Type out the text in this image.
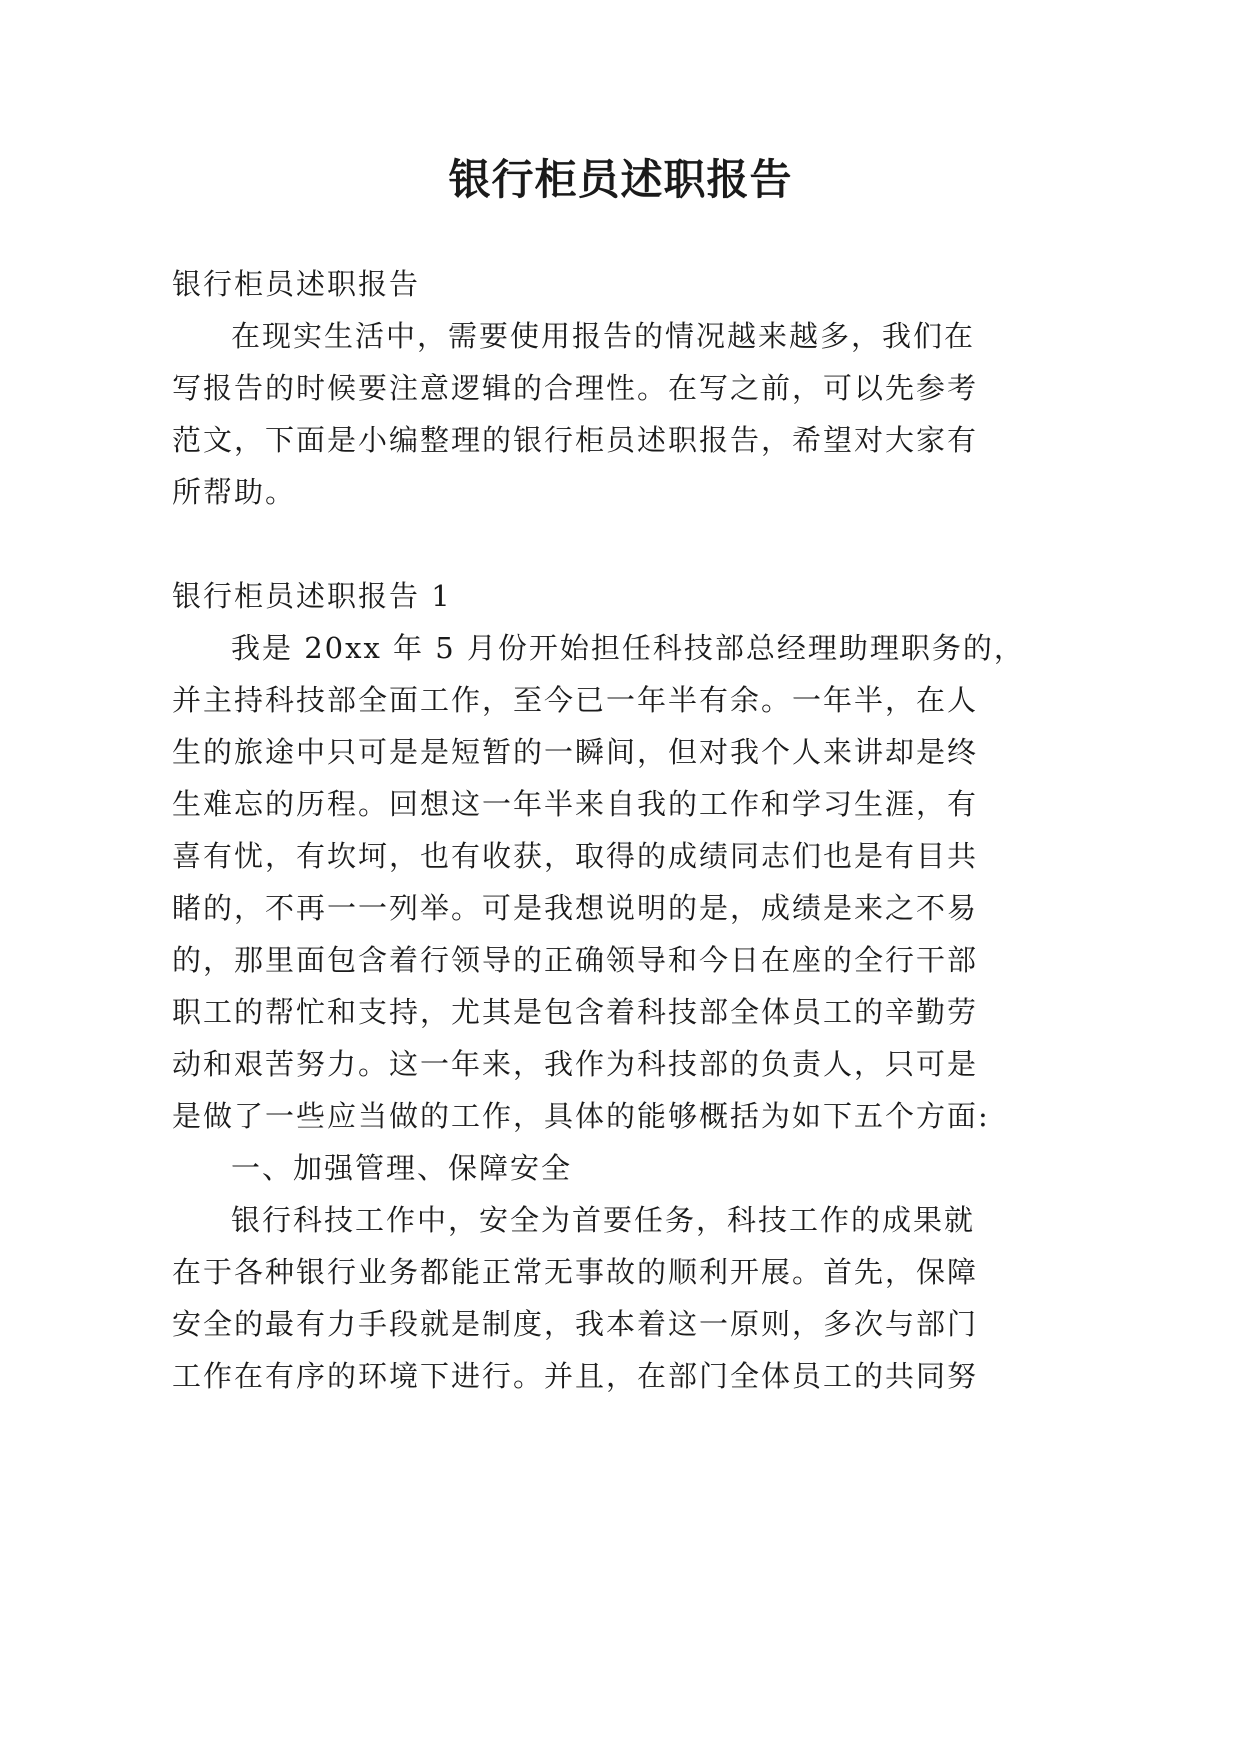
银行柜员述职报告
银行柜员述职报告
在现实生活中，需要使用报告的情况越来越多，我们在
写报告的时候要注意逻辑的合理性。在写之前，可以先参考
范文，下面是小编整理的银行柜员述职报告，希望对大家有
所帮助。
银行柜员述职报告 1
我是 20xx 年 5 月份开始担任科技部总经理助理职务的，
并主持科技部全面工作，至今已一年半有余。一年半，在人
生的旅途中只可是是短暂的一瞬间，但对我个人来讲却是终
生难忘的历程。回想这一年半来自我的工作和学习生涯，有
喜有忧，有坎坷，也有收获，取得的成绩同志们也是有目共
睹的，不再一一列举。可是我想说明的是，成绩是来之不易
的，那里面包含着行领导的正确领导和今日在座的全行干部
职工的帮忙和支持，尤其是包含着科技部全体员工的辛勤劳
动和艰苦努力。这一年来，我作为科技部的负责人，只可是
是做了一些应当做的工作，具体的能够概括为如下五个方面:
一、加强管理、保障安全
银行科技工作中，安全为首要任务，科技工作的成果就
在于各种银行业务都能正常无事故的顺利开展。首先，保障
安全的最有力手段就是制度，我本着这一原则，多次与部门
工作在有序的环境下进行。并且，在部门全体员工的共同努
